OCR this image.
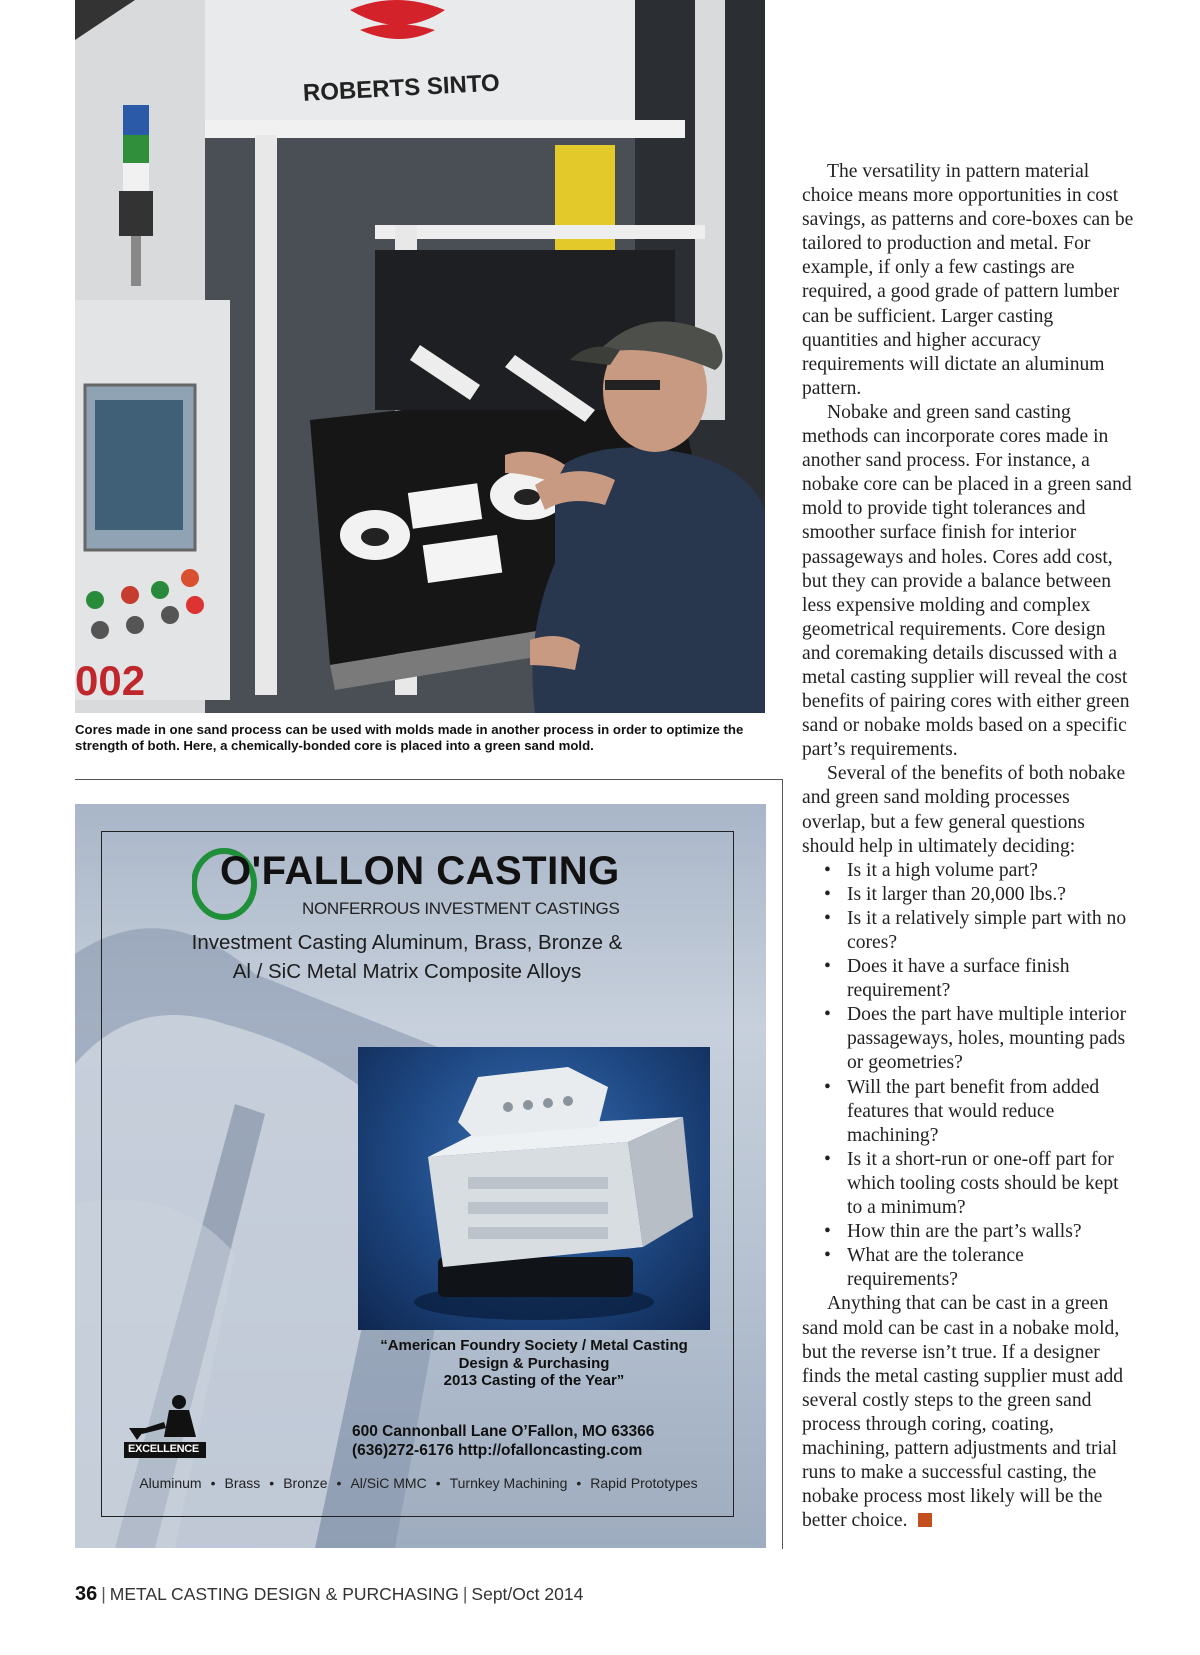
ROBERTS SINTO
002

Cores made in one sand process can be used with molds made in another process in order to optimize the strength of both. Here, a chemically-bonded core is placed into a green sand mold.

O'FALLON CASTING
NONFERROUS INVESTMENT CASTINGS
Investment Casting Aluminum, Brass, Bronze &
Al / SiC Metal Matrix Composite Alloys
“American Foundry Society / Metal Casting
Design & Purchasing
2013 Casting of the Year”
EXCELLENCE
600 Cannonball Lane O’Fallon, MO 63366
(636)272-6176 http://ofalloncasting.com
Aluminum • Brass • Bronze • Al/SiC MMC • Turnkey Machining • Rapid Prototypes

The versatility in pattern material choice means more opportunities in cost savings, as patterns and core-boxes can be tailored to production and metal. For example, if only a few castings are required, a good grade of pattern lumber can be sufficient. Larger casting quantities and higher accuracy requirements will dictate an aluminum pattern.

Nobake and green sand casting methods can incorporate cores made in another sand process. For instance, a nobake core can be placed in a green sand mold to provide tight tolerances and smoother surface finish for interior passageways and holes. Cores add cost, but they can provide a balance between less expensive molding and complex geometrical requirements. Core design and coremaking details discussed with a metal casting supplier will reveal the cost benefits of pairing cores with either green sand or nobake molds based on a specific part’s requirements.

Several of the benefits of both nobake and green sand molding processes overlap, but a few general questions should help in ultimately deciding:

• Is it a high volume part?
• Is it larger than 20,000 lbs.?
• Is it a relatively simple part with no cores?
• Does it have a surface finish requirement?
• Does the part have multiple interior passageways, holes, mounting pads or geometries?
• Will the part benefit from added features that would reduce machining?
• Is it a short-run or one-off part for which tooling costs should be kept to a minimum?
• How thin are the part’s walls?
• What are the tolerance requirements?

Anything that can be cast in a green sand mold can be cast in a nobake mold, but the reverse isn’t true. If a designer finds the metal casting supplier must add several costly steps to the green sand process through coring, coating, machining, pattern adjustments and trial runs to make a successful casting, the nobake process most likely will be the better choice.

36 | METAL CASTING DESIGN & PURCHASING | Sept/Oct 2014
